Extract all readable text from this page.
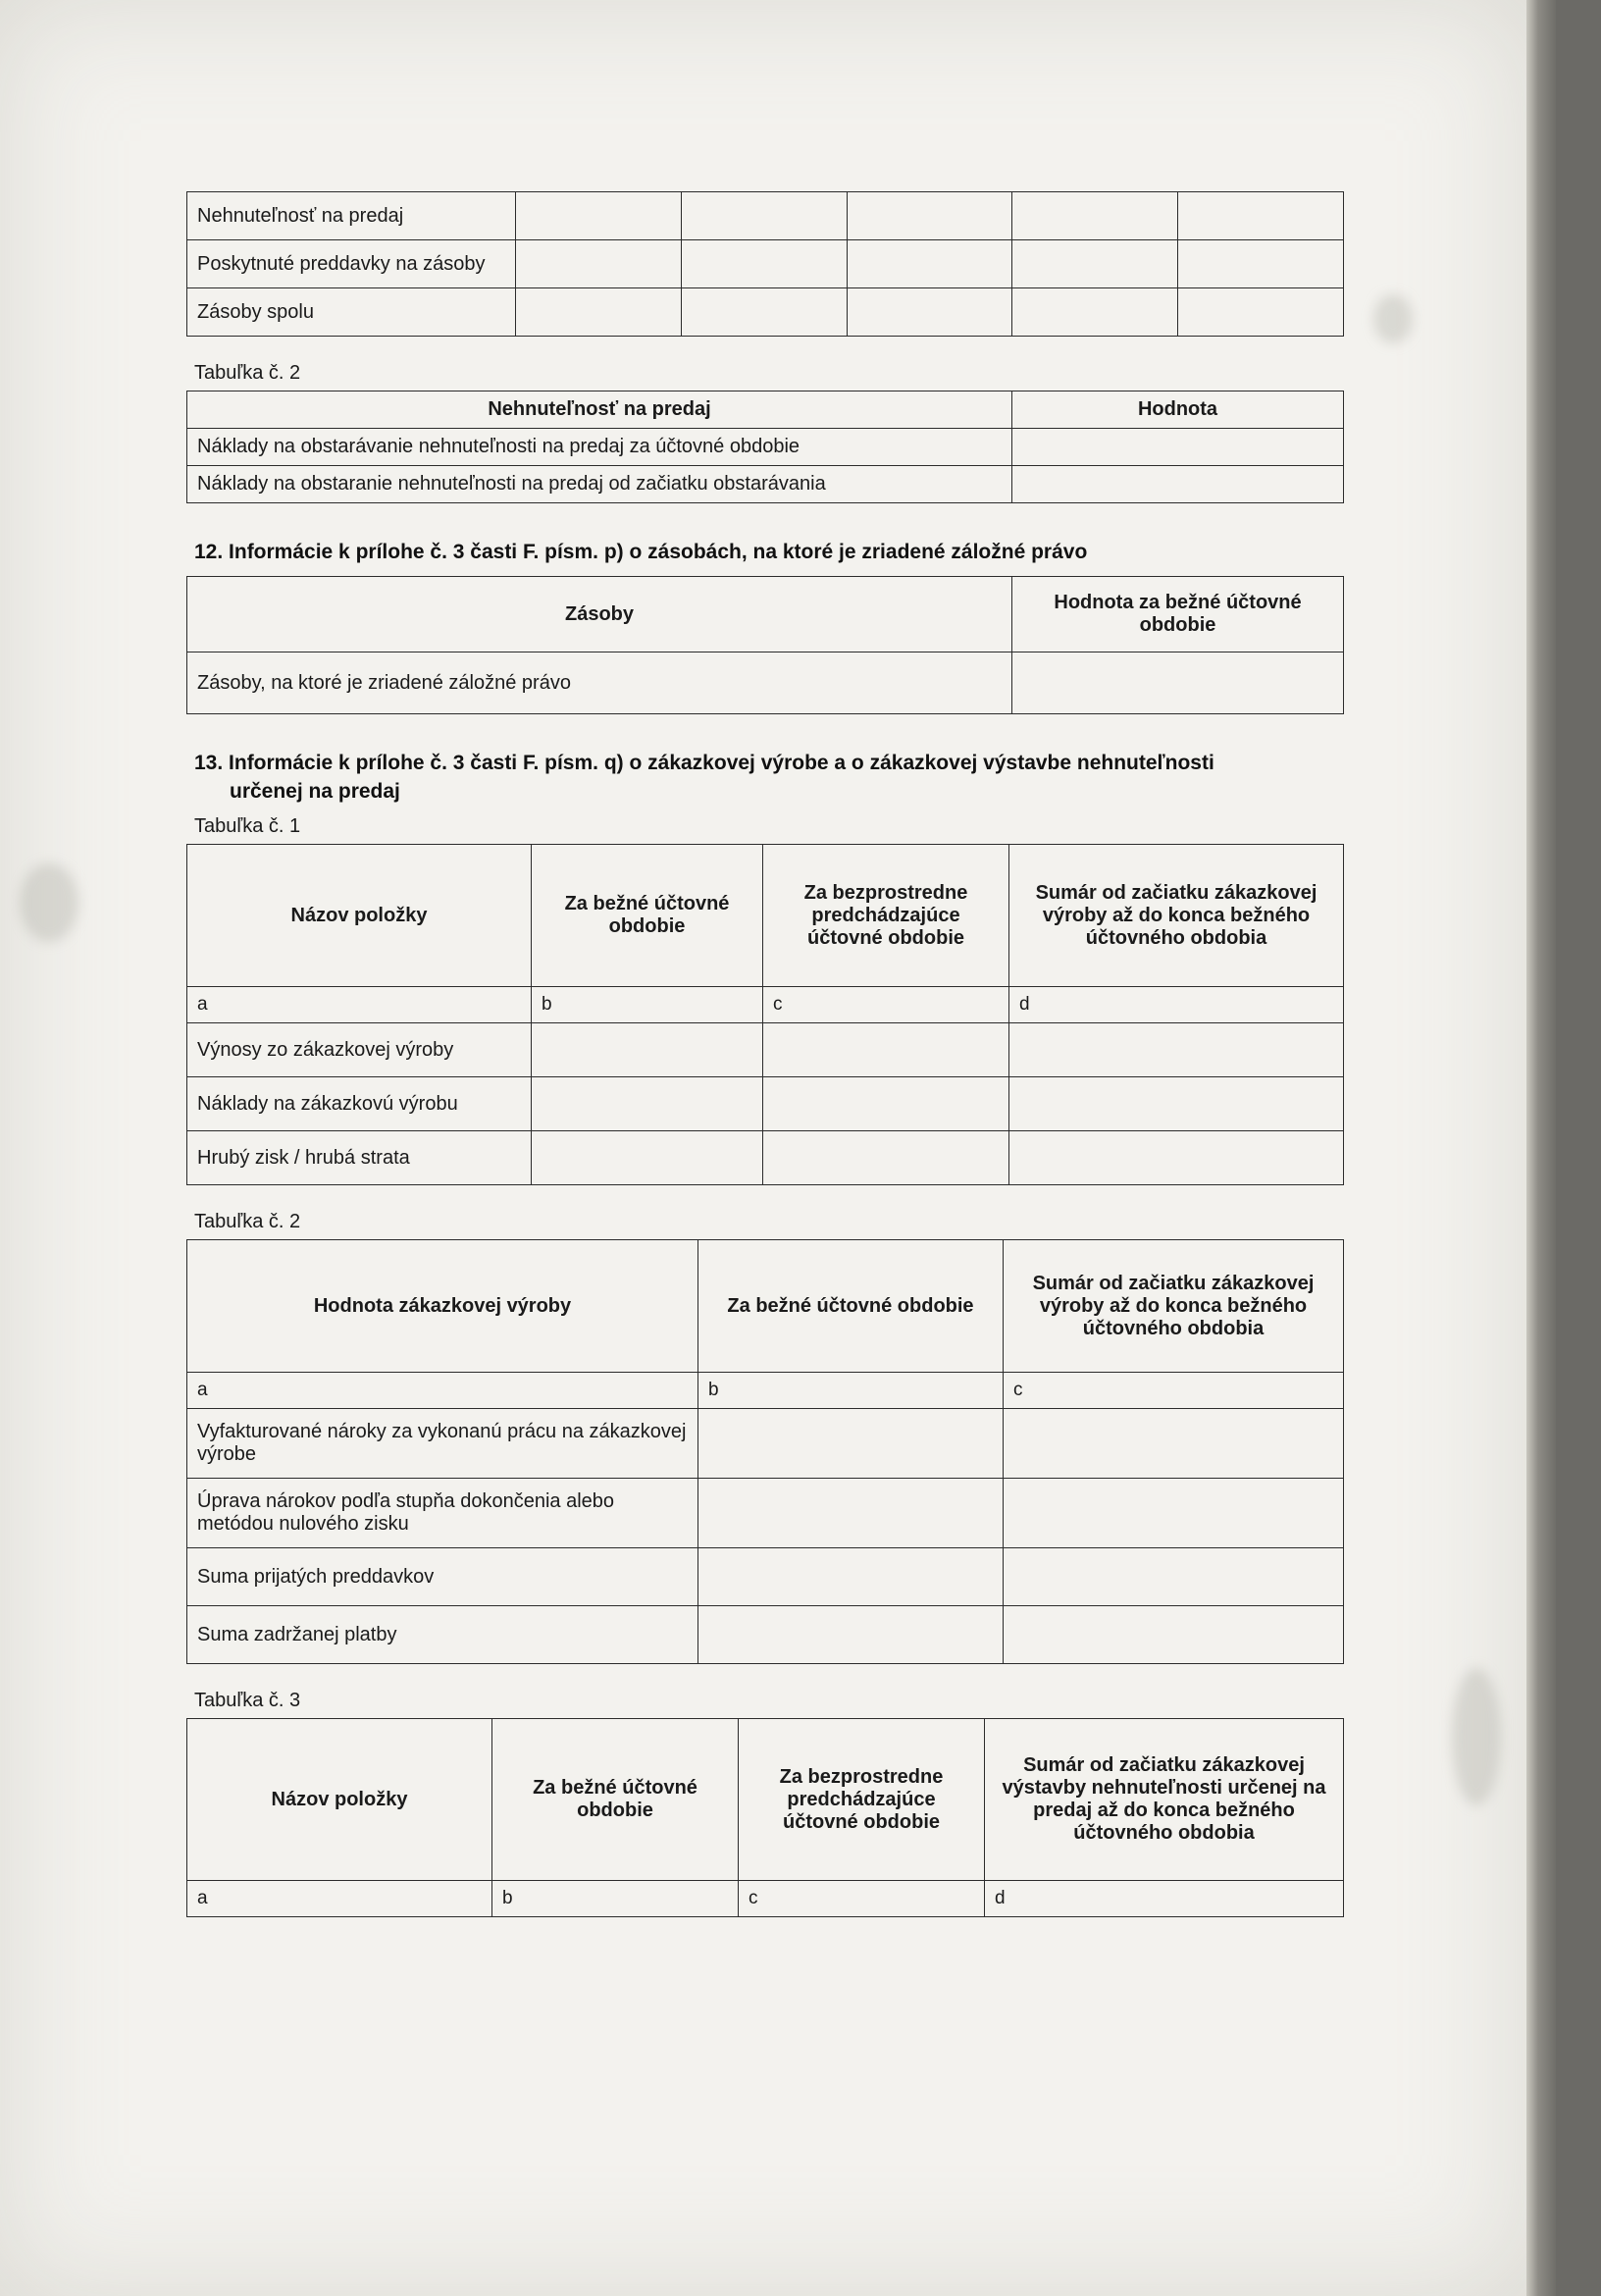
Nehnuteľnosť na predaj					
Poskytnuté preddavky na zásoby					
Zásoby spolu					
Tabuľka č. 2
Nehnuteľnosť na predaj	Hodnota
Náklady na obstarávanie nehnuteľnosti na predaj za účtovné obdobie	
Náklady na obstaranie nehnuteľnosti na predaj od začiatku obstarávania	
12. Informácie k prílohe č. 3 časti F. písm. p) o zásobách, na ktoré je zriadené záložné právo
Zásoby	Hodnota za bežné účtovné obdobie
Zásoby, na ktoré je zriadené záložné právo	
13. Informácie k prílohe č. 3 časti F. písm. q) o zákazkovej výrobe a o zákazkovej výstavbe nehnuteľnosti
určenej na predaj
Tabuľka č. 1
Názov položky	Za bežné účtovné obdobie	Za bezprostredne predchádzajúce účtovné obdobie	Sumár od začiatku zákazkovej výroby až do konca bežného účtovného obdobia
a	b	c	d
Výnosy zo zákazkovej výroby			
Náklady na zákazkovú výrobu			
Hrubý zisk / hrubá strata			
Tabuľka č. 2
Hodnota zákazkovej výroby	Za bežné účtovné obdobie	Sumár od začiatku zákazkovej výroby až do konca bežného účtovného obdobia
a	b	c
Vyfakturované nároky za vykonanú prácu na zákazkovej výrobe		
Úprava nárokov podľa stupňa dokončenia alebo metódou nulového zisku		
Suma prijatých preddavkov		
Suma zadržanej platby		
Tabuľka č. 3
Názov položky	Za bežné účtovné obdobie	Za bezprostredne predchádzajúce účtovné obdobie	Sumár od začiatku zákazkovej výstavby nehnuteľnosti určenej na predaj až do konca bežného účtovného obdobia
a	b	c	d
